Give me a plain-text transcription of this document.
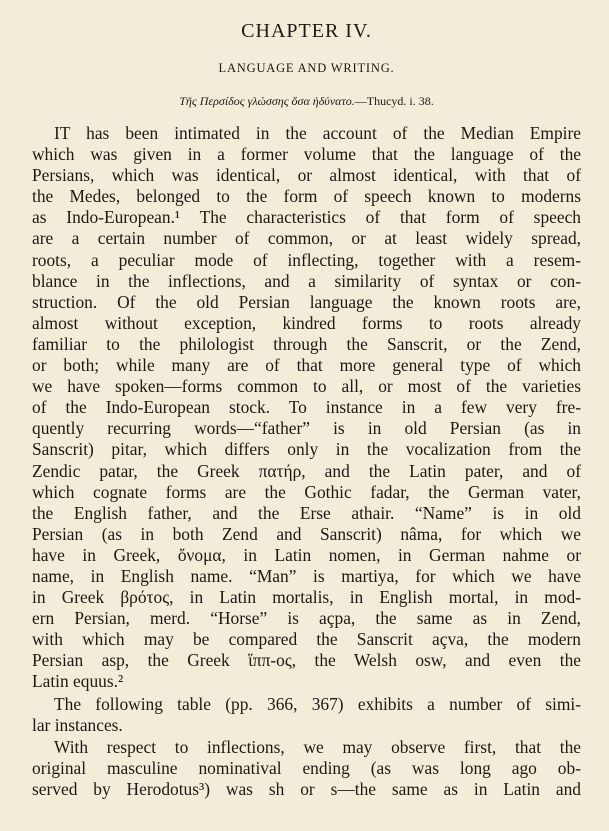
CHAPTER IV.
LANGUAGE AND WRITING.

Τῆς Περσίδος γλώσσης ὅσα ἠδύνατο.—Thucyd. i. 38.

IT has been intimated in the account of the Median Empire
which was given in a former volume that the language of the
Persians, which was identical, or almost identical, with that of
the Medes, belonged to the form of speech known to moderns
as Indo-European.¹ The characteristics of that form of speech
are a certain number of common, or at least widely spread,
roots, a peculiar mode of inflecting, together with a resem-
blance in the inflections, and a similarity of syntax or con-
struction. Of the old Persian language the known roots are,
almost without exception, kindred forms to roots already
familiar to the philologist through the Sanscrit, or the Zend,
or both; while many are of that more general type of which
we have spoken—forms common to all, or most of the varieties
of the Indo-European stock. To instance in a few very fre-
quently recurring words—“father” is in old Persian (as in
Sanscrit) pitar, which differs only in the vocalization from the
Zendic patar, the Greek πατήρ, and the Latin pater, and of
which cognate forms are the Gothic fadar, the German vater,
the English father, and the Erse athair. “Name” is in old
Persian (as in both Zend and Sanscrit) nâma, for which we
have in Greek, ὄνομα, in Latin nomen, in German nahme or
name, in English name. “Man” is martiya, for which we have
in Greek βρότος, in Latin mortalis, in English mortal, in mod-
ern Persian, merd. “Horse” is açpa, the same as in Zend,
with which may be compared the Sanscrit açva, the modern
Persian asp, the Greek ἵππ-ος, the Welsh osw, and even the
Latin equus.²
The following table (pp. 366, 367) exhibits a number of simi-
lar instances.
With respect to inflections, we may observe first, that the
original masculine nominatival ending (as was long ago ob-
served by Herodotus³) was sh or s—the same as in Latin and
